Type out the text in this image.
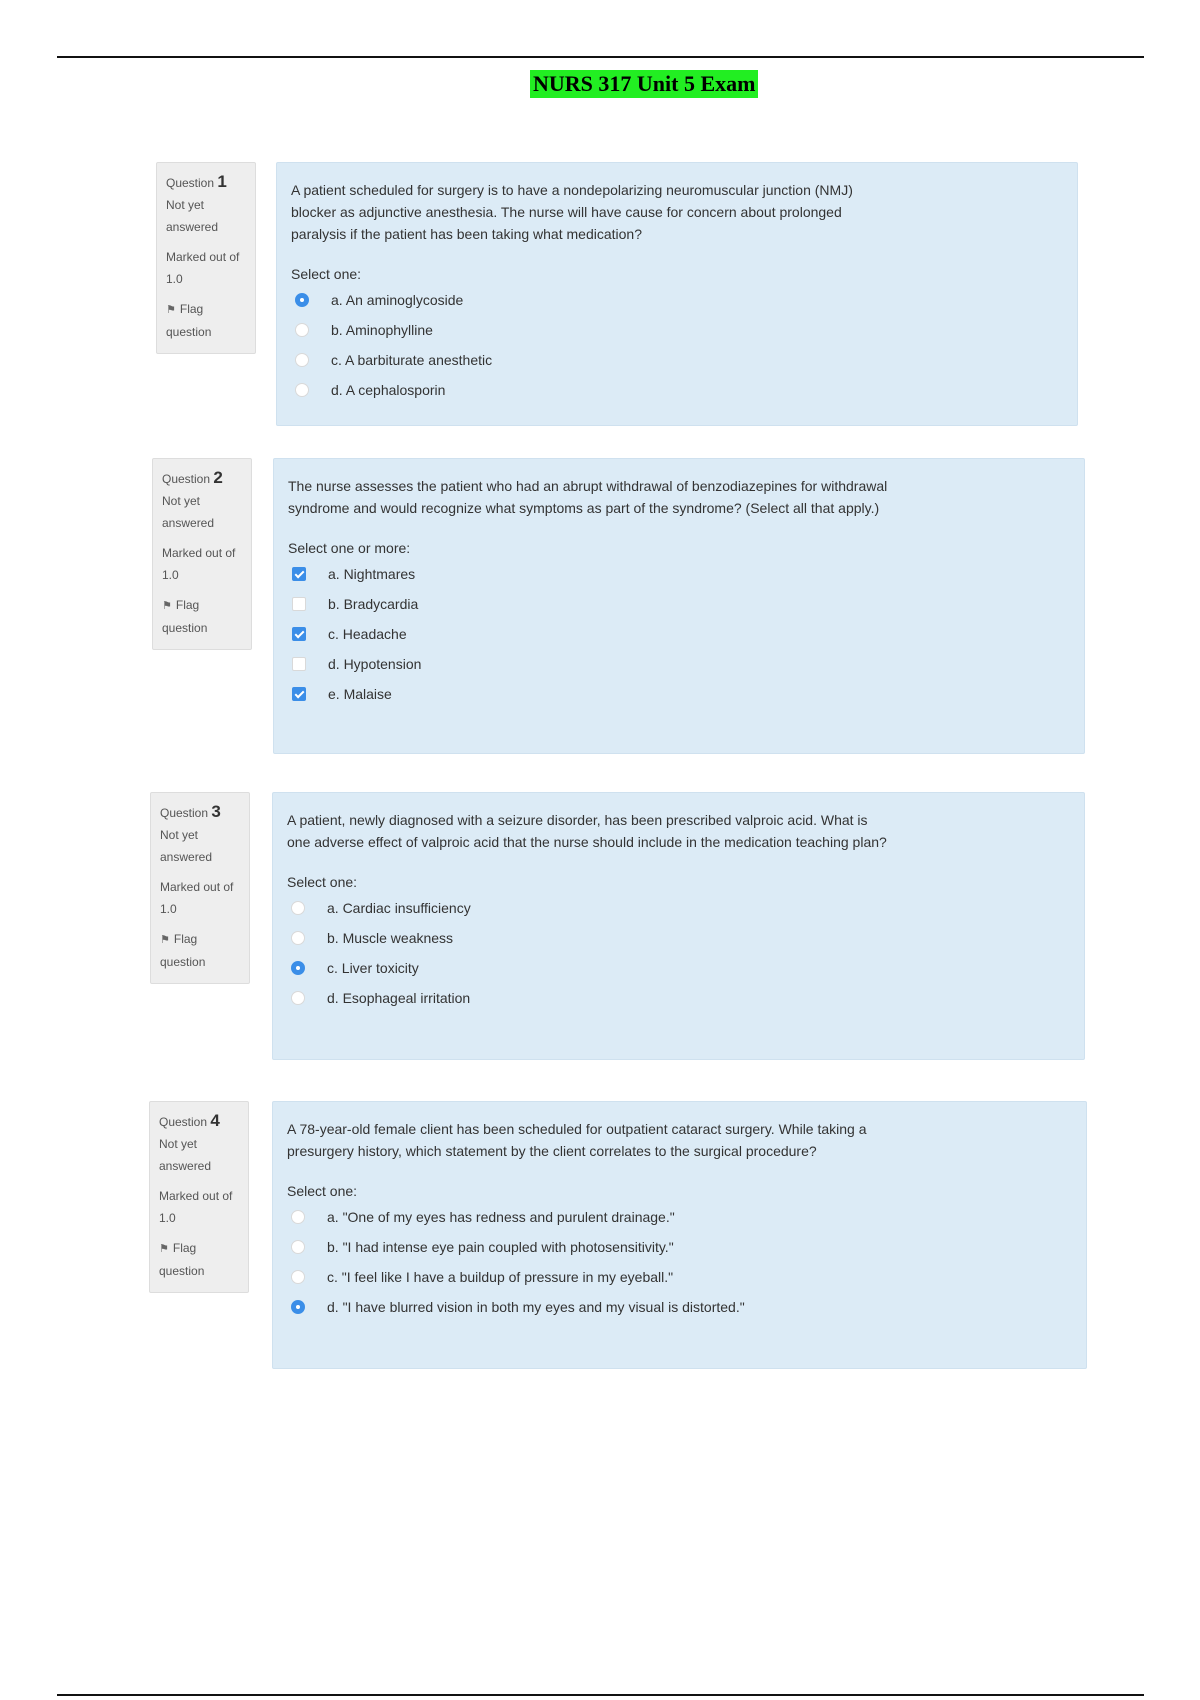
NURS 317 Unit 5 Exam
Question 1
Not yet
answered
Marked out of
1.0
⚑ Flag
question

A patient scheduled for surgery is to have a nondepolarizing neuromuscular junction (NMJ) blocker as adjunctive anesthesia. The nurse will have cause for concern about prolonged paralysis if the patient has been taking what medication?

Select one:
a. An aminoglycoside
b. Aminophylline
c. A barbiturate anesthetic
d. A cephalosporin
Question 2
Not yet
answered
Marked out of
1.0
⚑ Flag
question

The nurse assesses the patient who had an abrupt withdrawal of benzodiazepines for withdrawal syndrome and would recognize what symptoms as part of the syndrome? (Select all that apply.)

Select one or more:
a. Nightmares
b. Bradycardia
c. Headache
d. Hypotension
e. Malaise
Question 3
Not yet
answered
Marked out of
1.0
⚑ Flag
question

A patient, newly diagnosed with a seizure disorder, has been prescribed valproic acid. What is one adverse effect of valproic acid that the nurse should include in the medication teaching plan?

Select one:
a. Cardiac insufficiency
b. Muscle weakness
c. Liver toxicity
d. Esophageal irritation
Question 4
Not yet
answered
Marked out of
1.0
⚑ Flag
question

A 78-year-old female client has been scheduled for outpatient cataract surgery. While taking a presurgery history, which statement by the client correlates to the surgical procedure?

Select one:
a. "One of my eyes has redness and purulent drainage."
b. "I had intense eye pain coupled with photosensitivity."
c. "I feel like I have a buildup of pressure in my eyeball."
d. "I have blurred vision in both my eyes and my visual is distorted."
